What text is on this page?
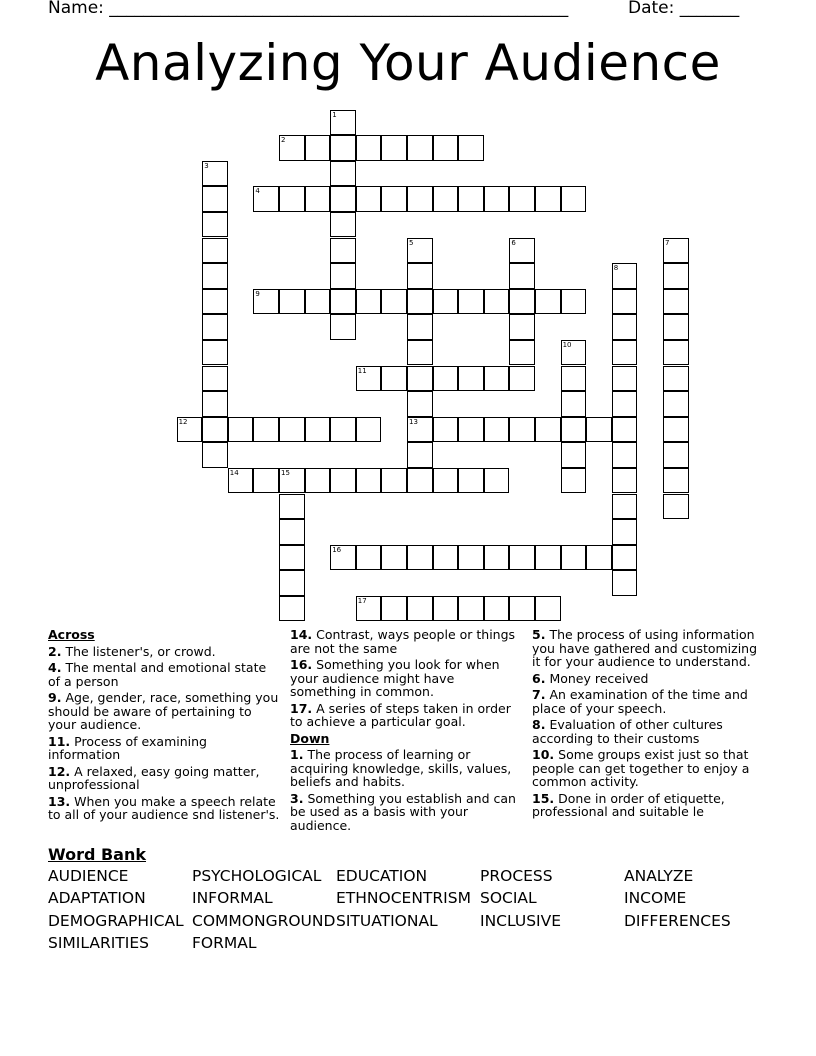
Name: ______________________________________________________	Date: _______
Analyzing Your Audience
1
2
3
4
5	6	7
8
9
10
11
12	13
14	15
16
17
Across
2. The listener's, or crowd.
4. The mental and emotional state of a person
9. Age, gender, race, something you should be aware of pertaining to your audience.
11. Process of examining information
12. A relaxed, easy going matter, unprofessional
13. When you make a speech relate to all of your audience snd listener's.
14. Contrast, ways people or things are not the same
16. Something you look for when your audience might have something in common.
17. A series of steps taken in order to achieve a particular goal.
Down
1. The process of learning or acquiring knowledge, skills, values, beliefs and habits.
3. Something you establish and can be used as a basis with your audience.
5. The process of using information you have gathered and customizing it for your audience to understand.
6. Money received
7. An examination of the time and place of your speech.
8. Evaluation of other cultures according to their customs
10. Some groups exist just so that people can get together to enjoy a common activity.
15. Done in order of etiquette, professional and suitable le
Word Bank
AUDIENCE	PSYCHOLOGICAL EDUCATION	PROCESS	ANALYZE
ADAPTATION	INFORMAL	ETHNOCENTRISM SOCIAL	INCOME
DEMOGRAPHICAL COMMONGROUND SITUATIONAL	INCLUSIVE	DIFFERENCES
SIMILARITIES	FORMAL
